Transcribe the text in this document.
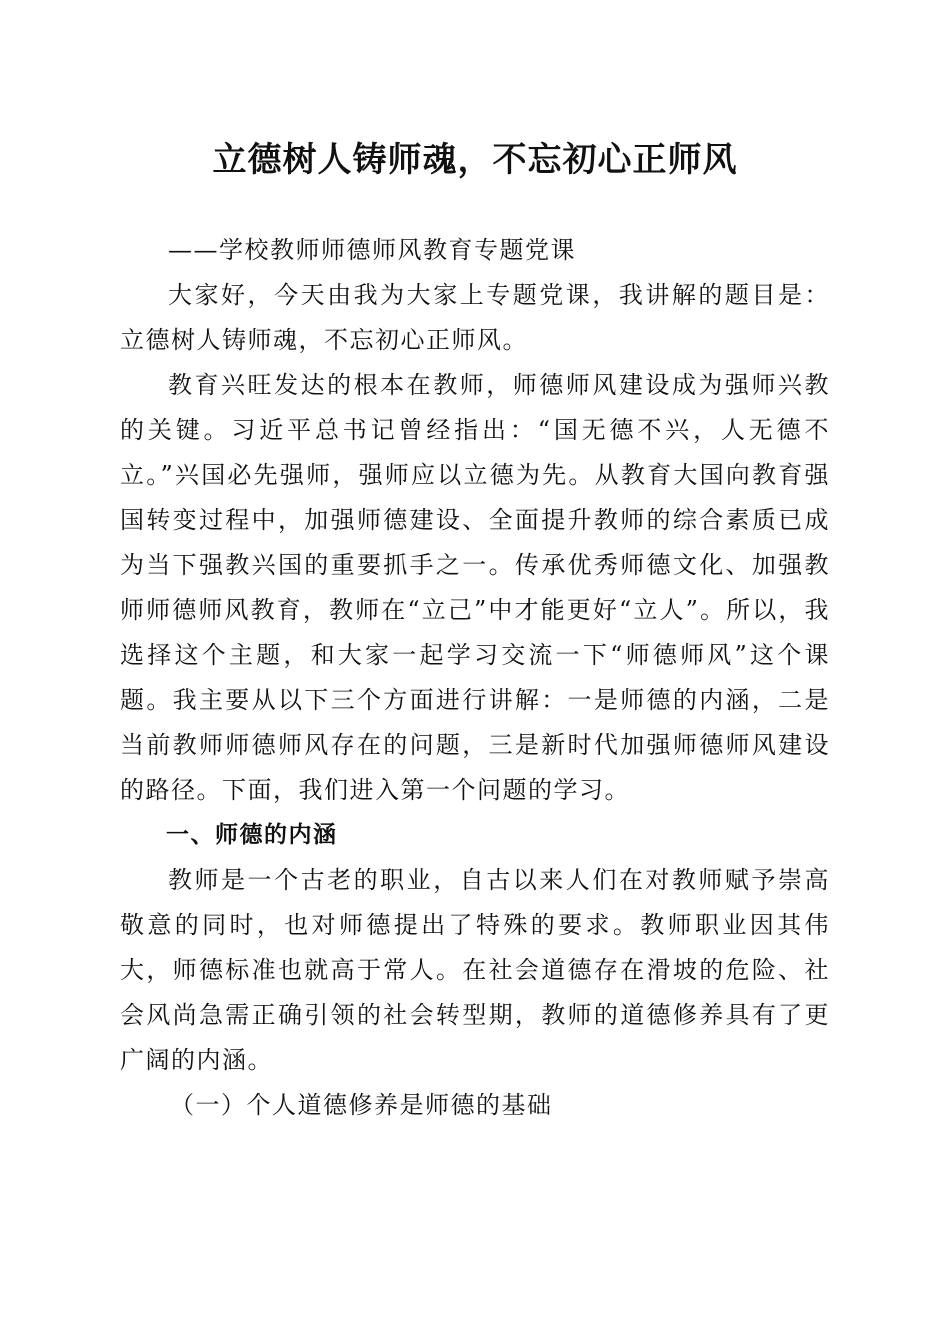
立德树人铸师魂，不忘初心正师风

——学校教师师德师风教育专题党课

大家好，今天由我为大家上专题党课，我讲解的题目是：立德树人铸师魂，不忘初心正师风。

教育兴旺发达的根本在教师，师德师风建设成为强师兴教的关键。习近平总书记曾经指出：“国无德不兴，人无德不立。”兴国必先强师，强师应以立德为先。从教育大国向教育强国转变过程中，加强师德建设、全面提升教师的综合素质已成为当下强教兴国的重要抓手之一。传承优秀师德文化、加强教师师德师风教育，教师在“立己”中才能更好“立人”。所以，我选择这个主题，和大家一起学习交流一下“师德师风”这个课题。我主要从以下三个方面进行讲解：一是师德的内涵，二是当前教师师德师风存在的问题，三是新时代加强师德师风建设的路径。下面，我们进入第一个问题的学习。

一、师德的内涵

教师是一个古老的职业，自古以来人们在对教师赋予崇高敬意的同时，也对师德提出了特殊的要求。教师职业因其伟大，师德标准也就高于常人。在社会道德存在滑坡的危险、社会风尚急需正确引领的社会转型期，教师的道德修养具有了更广阔的内涵。

（一）个人道德修养是师德的基础
